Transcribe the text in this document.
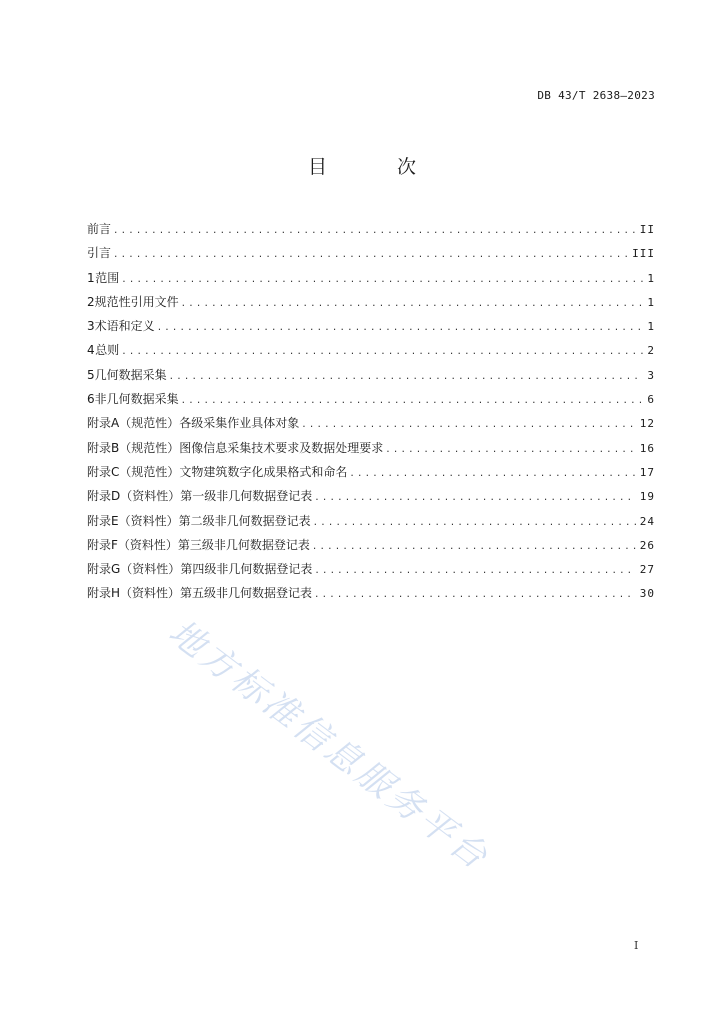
DB 43/T 2638—2023
目 次
前言 .....	II
引言 .....	III
1 范围 .....	1
2 规范性引用文件 .....	1
3 术语和定义 .....	1
4 总则 .....	2
5 几何数据采集 .....	3
6 非几何数据采集 .....	6
附录A（规范性） 各级采集作业具体对象 .....	12
附录B（规范性） 图像信息采集技术要求及数据处理要求 .....	16
附录C（规范性） 文物建筑数字化成果格式和命名 .....	17
附录D（资料性） 第一级非几何数据登记表 .....	19
附录E（资料性） 第二级非几何数据登记表 .....	24
附录F（资料性） 第三级非几何数据登记表 .....	26
附录G（资料性） 第四级非几何数据登记表 .....	27
附录H（资料性） 第五级非几何数据登记表 .....	30
地方标准信息服务平台
I
